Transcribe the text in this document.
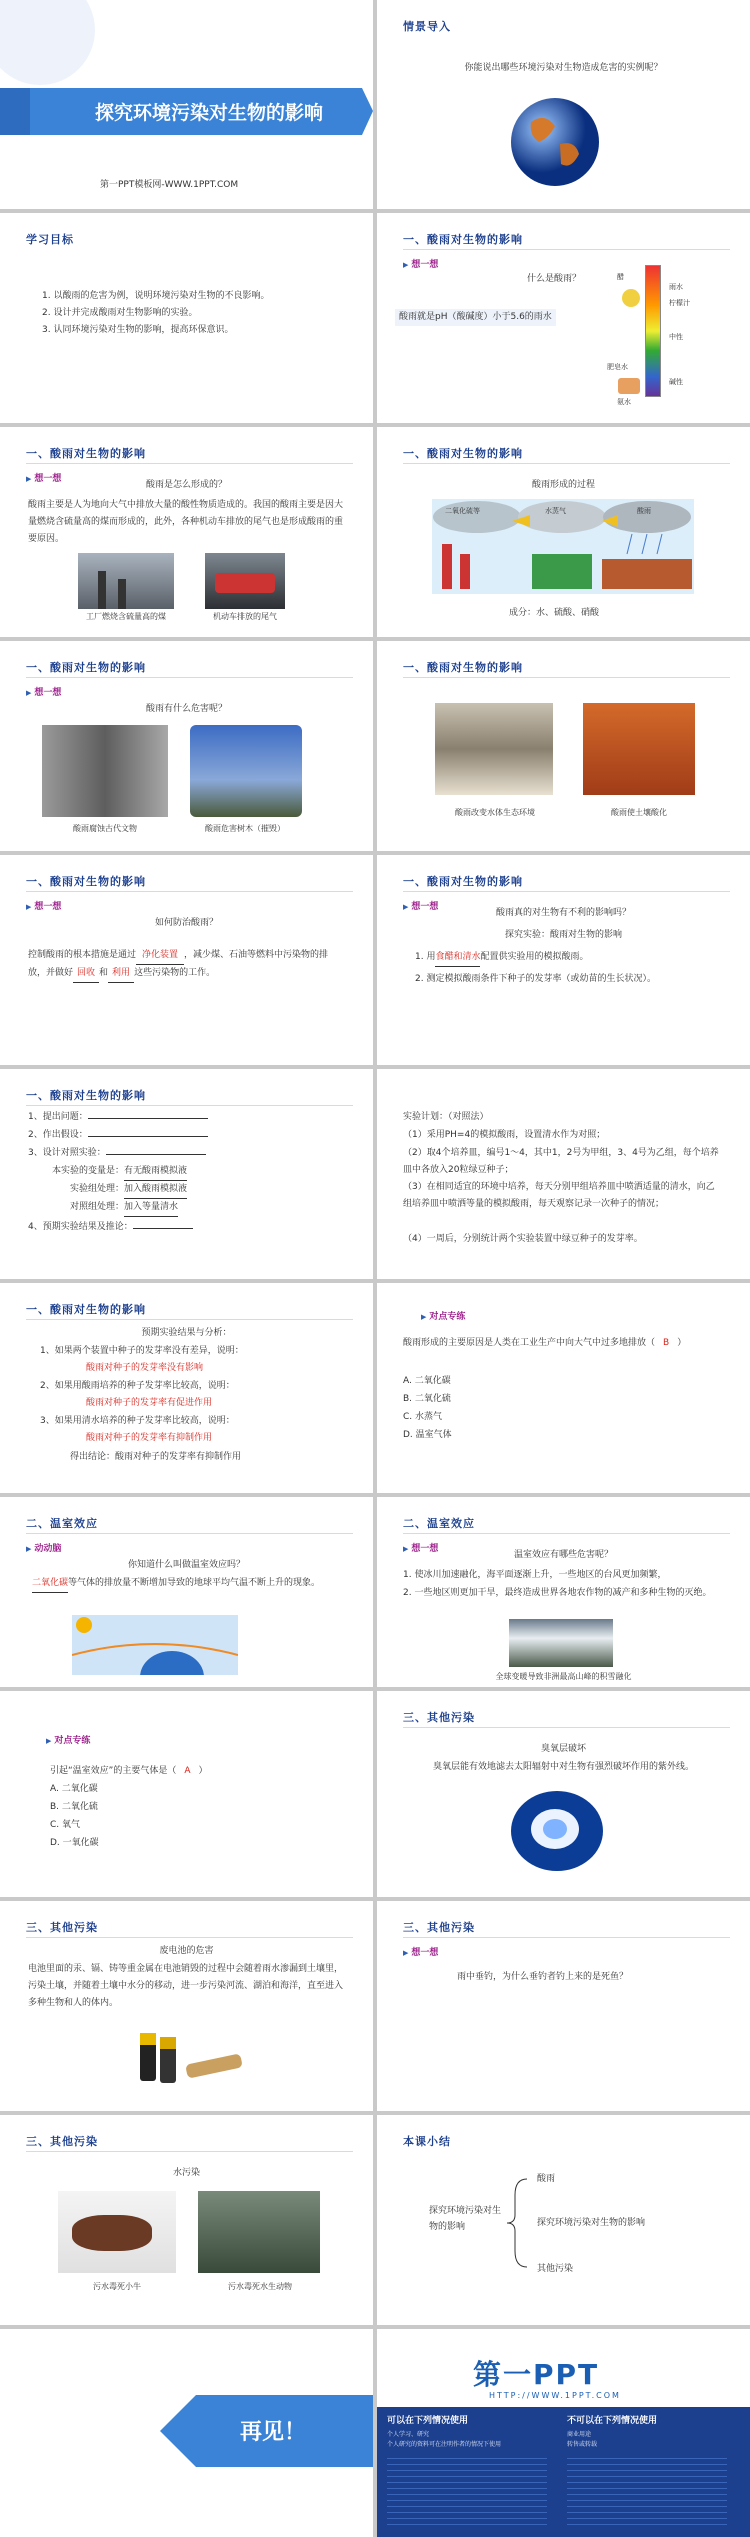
探究环境污染对生物的影响
第一PPT模板网-WWW.1PPT.COM
情景导入
你能说出哪些环境污染对生物造成危害的实例呢？
学习目标
1. 以酸雨的危害为例，说明环境污染对生物的不良影响。
2. 设计并完成酸雨对生物影响的实验。
3. 认同环境污染对生物的影响，提高环保意识。
一、酸雨对生物的影响
▶ 想一想
什么是酸雨？
酸雨就是pH（酸碱度）小于5.6的雨水
雨水
醋
柠檬汁
中性
碱性
肥皂水
氨水
一、酸雨对生物的影响
▶ 想一想
酸雨是怎么形成的？
酸雨主要是人为地向大气中排放大量的酸性物质造成的。我国的酸雨主要是因大量燃烧含硫量高的煤而形成的，此外，各种机动车排放的尾气也是形成酸雨的重要原因。
工厂燃烧含硫量高的煤	机动车排放的尾气
一、酸雨对生物的影响
酸雨形成的过程
二氧化硫等	水蒸气	酸雨
成分：水、硫酸、硝酸
一、酸雨对生物的影响
▶ 想一想
酸雨有什么危害呢？
酸雨腐蚀古代文物	酸雨危害树木（摧毁）
一、酸雨对生物的影响
酸雨改变水体生态环境	酸雨使土壤酸化
一、酸雨对生物的影响
▶ 想一想
如何防治酸雨？
控制酸雨的根本措施是通过 净化装置 ，减少煤、石油等燃料中污染物的排放，并做好 回收 和 利用 这些污染物的工作。
一、酸雨对生物的影响
▶ 想一想
酸雨真的对生物有不利的影响吗？
探究实验：酸雨对生物的影响
1. 用食醋和清水配置供实验用的模拟酸雨。
2. 测定模拟酸雨条件下种子的发芽率（或幼苗的生长状况）。
一、酸雨对生物的影响
1、提出问题：
2、作出假设：
3、设计对照实验：
本实验的变量是：有无酸雨模拟液
实验组处理：加入酸雨模拟液
对照组处理：加入等量清水
4、预期实验结果及推论：
实验计划：（对照法）
（1）采用PH=4的模拟酸雨，设置清水作为对照；
（2）取4个培养皿，编号1～4，其中1，2号为甲组，3、4号为乙组，每个培养皿中各放入20粒绿豆种子；
（3）在相同适宜的环境中培养，每天分别甲组培养皿中喷洒适量的清水，向乙组培养皿中喷洒等量的模拟酸雨，每天观察记录一次种子的情况；
（4）一周后，分别统计两个实验装置中绿豆种子的发芽率。
一、酸雨对生物的影响
预期实验结果与分析：
1、如果两个装置中种子的发芽率没有差异，说明：
酸雨对种子的发芽率没有影响
2、如果用酸雨培养的种子发芽率比较高，说明：
酸雨对种子的发芽率有促进作用
3、如果用清水培养的种子发芽率比较高，说明：
酸雨对种子的发芽率有抑制作用
得出结论：酸雨对种子的发芽率有抑制作用
▶ 对点专练
酸雨形成的主要原因是人类在工业生产中向大气中过多地排放（ B ）
A. 二氧化碳
B. 二氧化硫
C. 水蒸气
D. 温室气体
二、温室效应
▶ 动动脑
你知道什么叫做温室效应吗？
二氧化碳等气体的排放量不断增加导致的地球平均气温不断上升的现象。
二、温室效应
▶ 想一想
温室效应有哪些危害呢？
1. 使冰川加速融化，海平面逐渐上升，一些地区的台风更加频繁，
2. 一些地区则更加干旱，最终造成世界各地农作物的减产和多种生物的灭绝。
全球变暖导致非洲最高山峰的积雪融化
▶ 对点专练
引起“温室效应”的主要气体是（ A ）
A. 二氧化碳
B. 二氧化硫
C. 氧气
D. 一氧化碳
三、其他污染
臭氧层破坏
臭氧层能有效地滤去太阳辐射中对生物有强烈破坏作用的紫外线。
三、其他污染
废电池的危害
电池里面的汞、镉、铸等重金属在电池销毁的过程中会随着雨水渗漏到土壤里，污染土壤，并随着土壤中水分的移动，进一步污染河流、湖泊和海洋，直至进入多种生物和人的体内。
三、其他污染
▶ 想一想
雨中垂钓，为什么垂钓者钓上来的是死鱼？
三、其他污染
水污染
污水毒死小牛	污水毒死水生动物
本课小结
探究环境污染对生物的影响
酸雨
探究环境污染对生物的影响
其他污染
再见！
第一PPT
HTTP://WWW.1PPT.COM
可以在下列情况使用	不可以在下列情况使用
个人学习、研究
个人研究的资料可在注明作者的情况下使用
商业用途
转售或转载
